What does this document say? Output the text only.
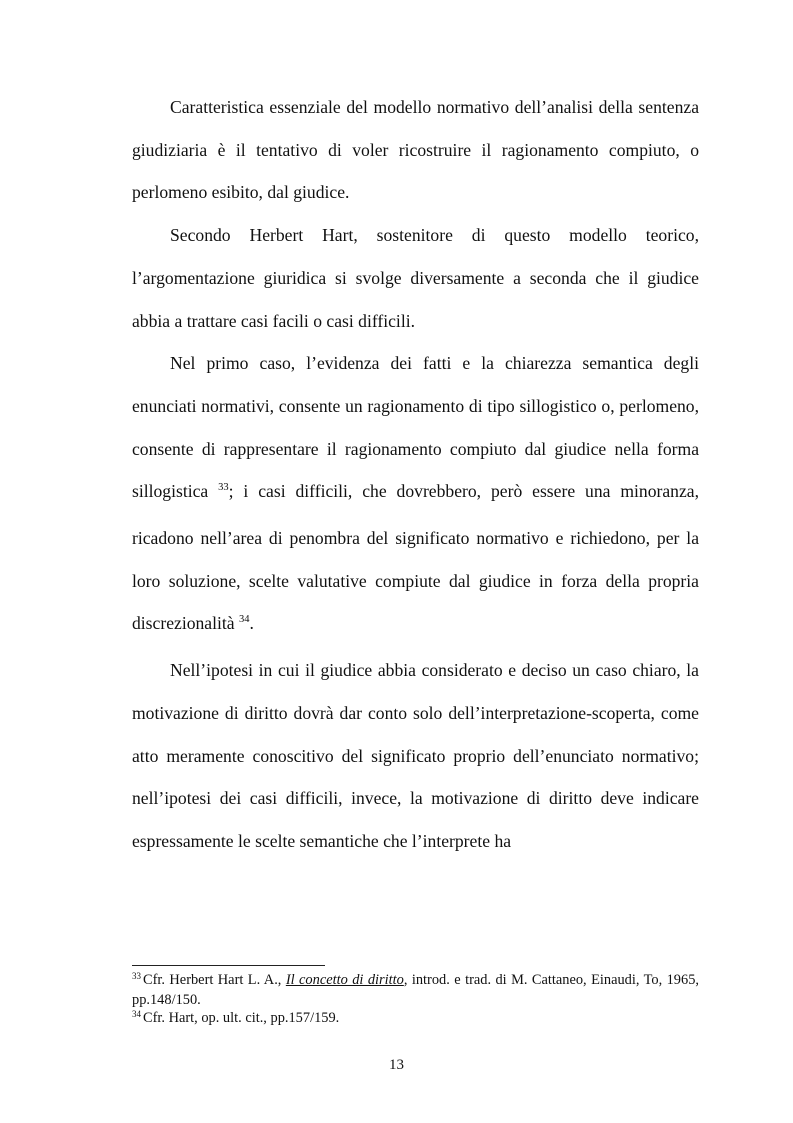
Caratteristica essenziale del modello normativo dell’analisi della sentenza giudiziaria è il tentativo di voler ricostruire il ragionamento compiuto, o perlomeno esibito, dal giudice.

Secondo Herbert Hart, sostenitore di questo modello teorico, l’argomentazione giuridica si svolge diversamente a seconda che il giudice abbia a trattare casi facili o casi difficili.

Nel primo caso, l’evidenza dei fatti e la chiarezza semantica degli enunciati normativi, consente un ragionamento di tipo sillogistico o, perlomeno, consente di rappresentare il ragionamento compiuto dal giudice nella forma sillogistica $^{33}$; i casi difficili, che dovrebbero, però essere una minoranza, ricadono nell’area di penombra del significato normativo e richiedono, per la loro soluzione, scelte valutative compiute dal giudice in forza della propria discrezionalità $^{34}$.

Nell’ipotesi in cui il giudice abbia considerato e deciso un caso chiaro, la motivazione di diritto dovrà dar conto solo dell’interpretazione-scoperta, come atto meramente conoscitivo del significato proprio dell’enunciato normativo; nell’ipotesi dei casi difficili, invece, la motivazione di diritto deve indicare espressamente le scelte semantiche che l’interprete ha

$^{33}$ Cfr. Herbert Hart L. A., Il concetto di diritto, introd. e trad. di M. Cattaneo, Einaudi, To, 1965, pp.148/150.

$^{34}$ Cfr. Hart, op. ult. cit., pp.157/159.

13
